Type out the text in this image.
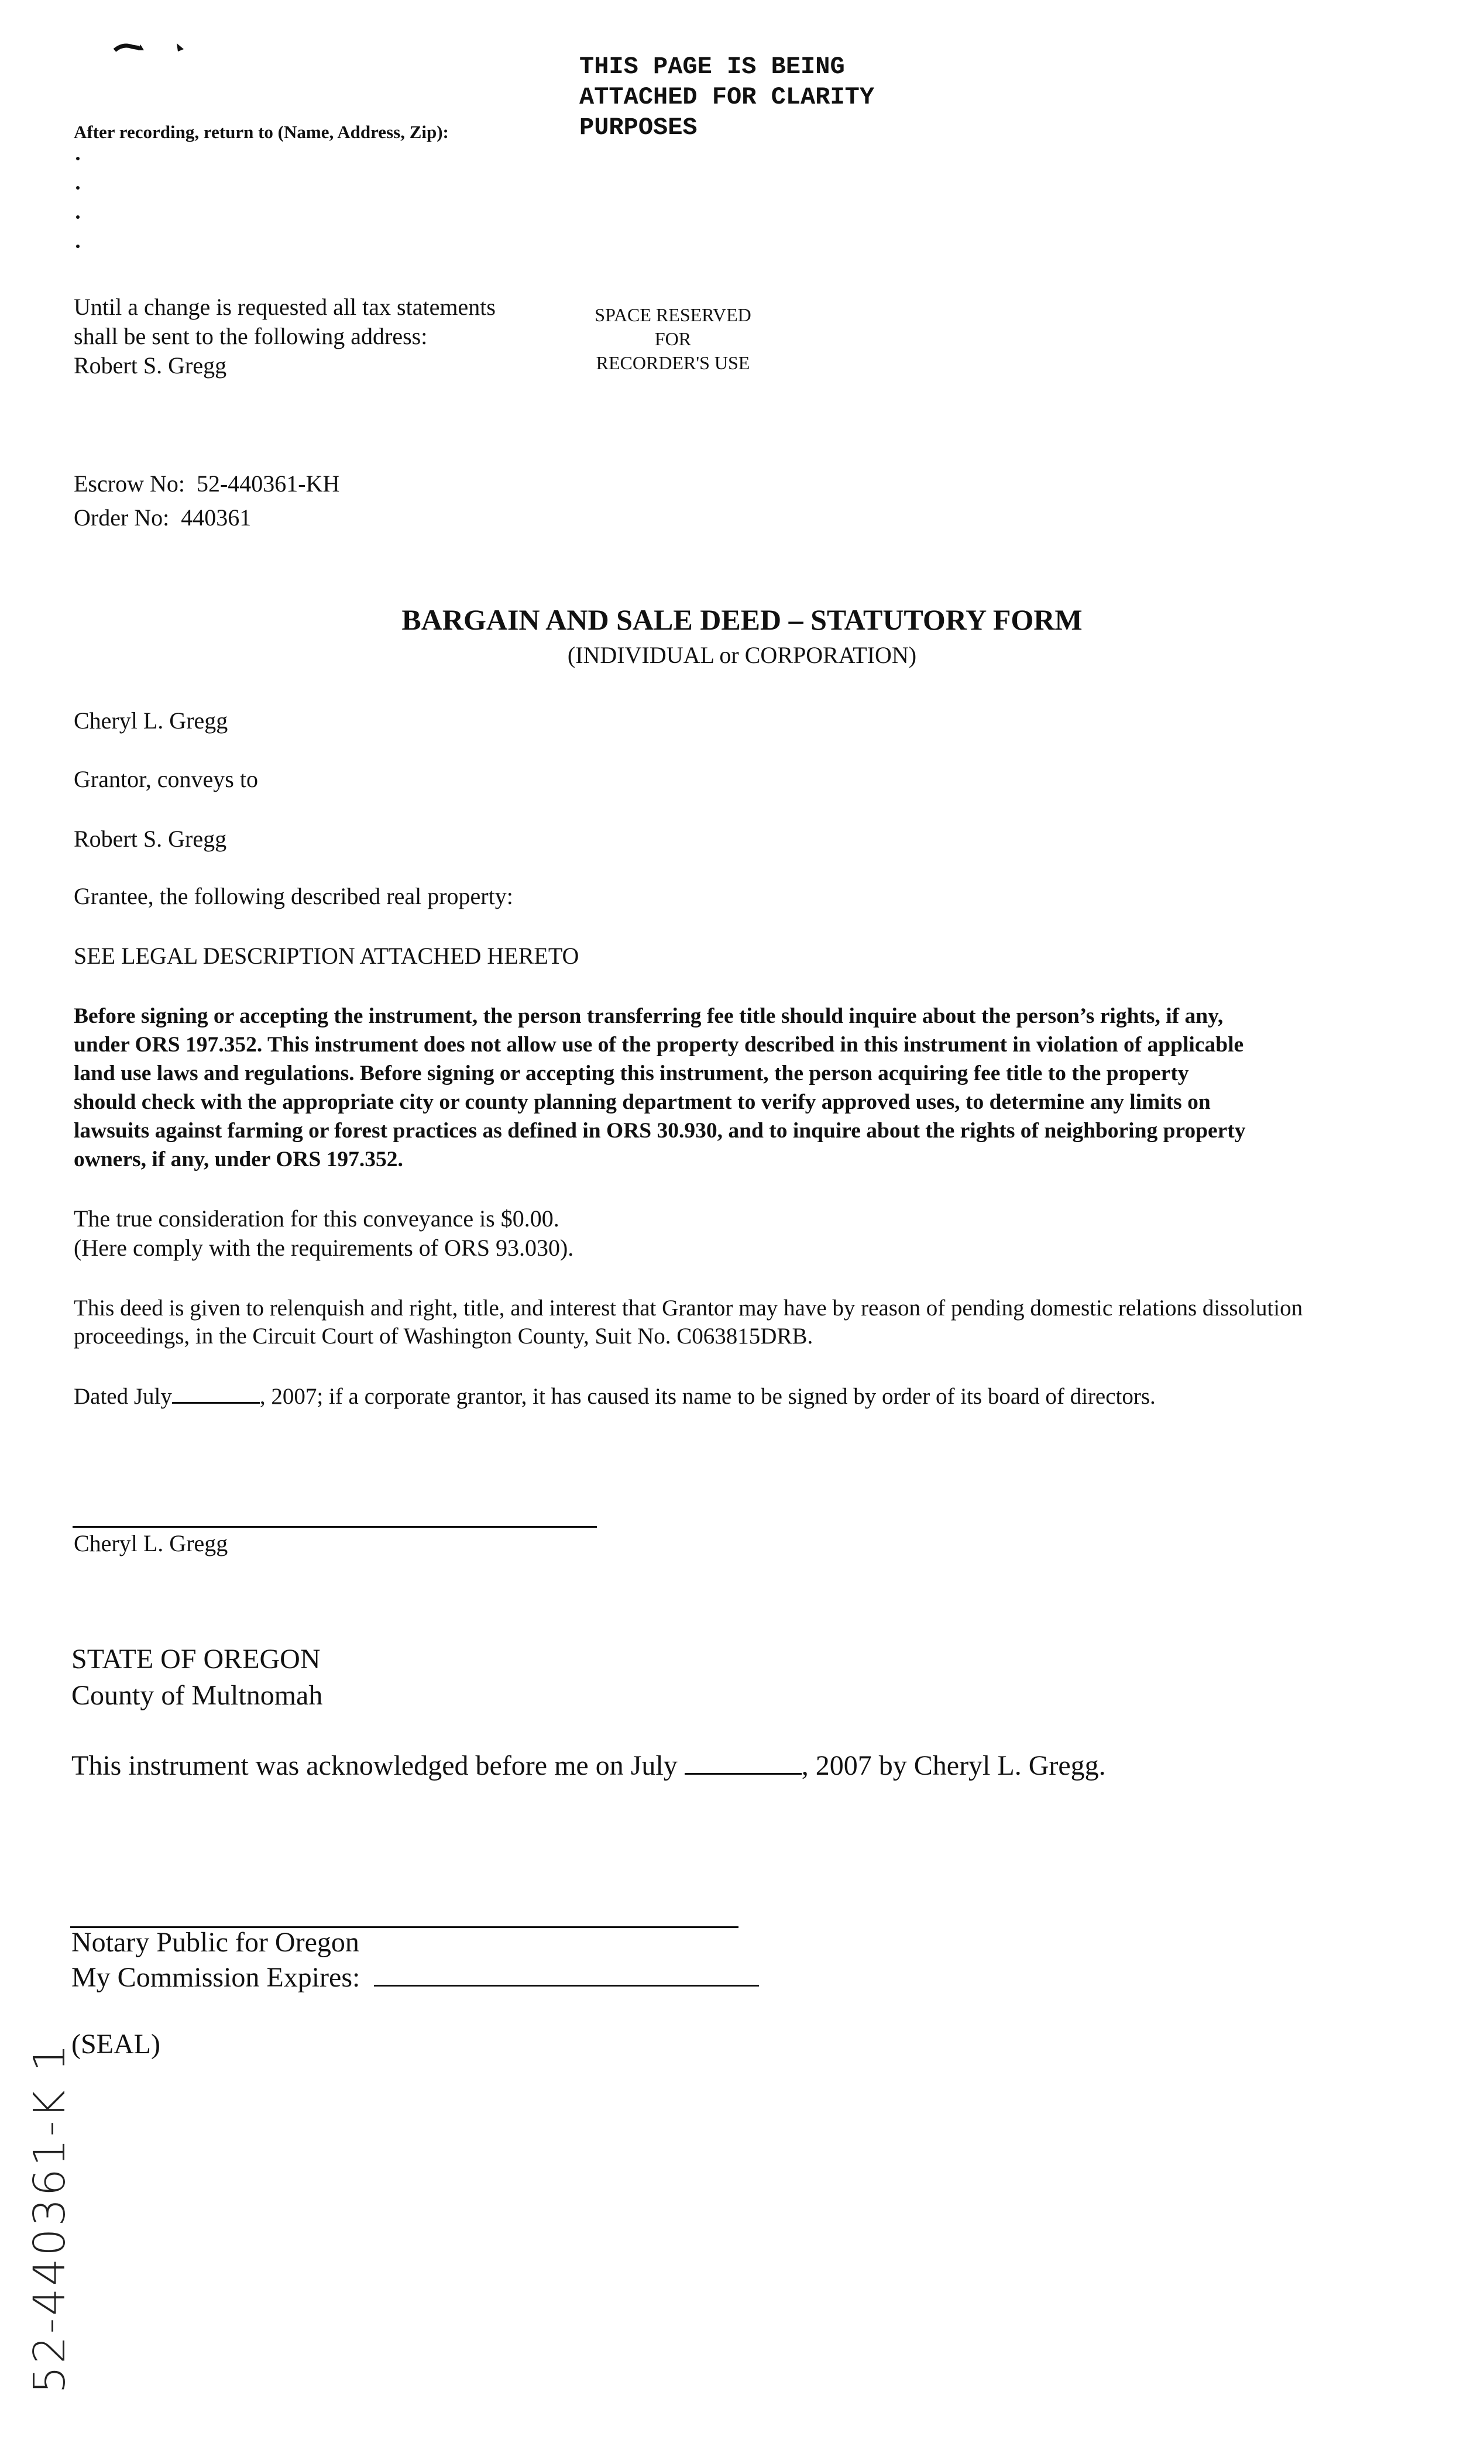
THIS PAGE IS BEING
ATTACHED FOR CLARITY
PURPOSES
After recording, return to (Name, Address, Zip):
Until a change is requested all tax statements
shall be sent to the following address:
Robert S. Gregg
SPACE RESERVED
FOR
RECORDER'S USE
Escrow No: 52-440361-KH
Order No: 440361
BARGAIN AND SALE DEED – STATUTORY FORM
(INDIVIDUAL or CORPORATION)
Cheryl L. Gregg
Grantor, conveys to
Robert S. Gregg
Grantee, the following described real property:
SEE LEGAL DESCRIPTION ATTACHED HERETO
Before signing or accepting the instrument, the person transferring fee title should inquire about the person’s rights, if any,
under ORS 197.352. This instrument does not allow use of the property described in this instrument in violation of applicable
land use laws and regulations. Before signing or accepting this instrument, the person acquiring fee title to the property
should check with the appropriate city or county planning department to verify approved uses, to determine any limits on
lawsuits against farming or forest practices as defined in ORS 30.930, and to inquire about the rights of neighboring property
owners, if any, under ORS 197.352.
The true consideration for this conveyance is $0.00.
(Here comply with the requirements of ORS 93.030).
This deed is given to relenquish and right, title, and interest that Grantor may have by reason of pending domestic relations dissolution
proceedings, in the Circuit Court of Washington County, Suit No. C063815DRB.
Dated July	, 2007; if a corporate grantor, it has caused its name to be signed by order of its board of directors.
Cheryl L. Gregg
STATE OF OREGON
County of Multnomah
This instrument was acknowledged before me on July	, 2007 by Cheryl L. Gregg.
Notary Public for Oregon
My Commission Expires:
(SEAL)
52-440361-K 1
